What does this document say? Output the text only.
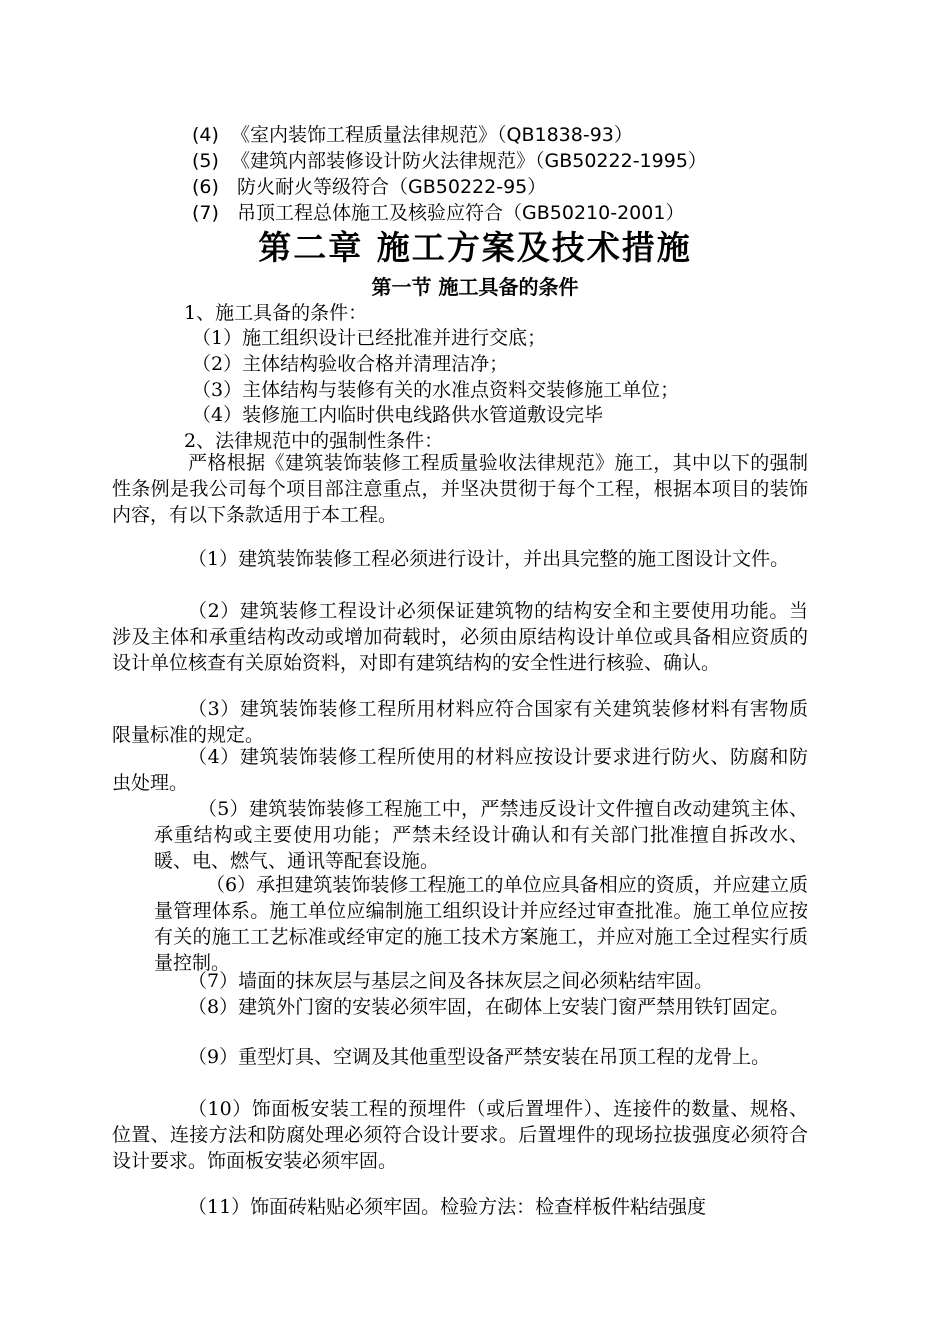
(4)  《室内装饰工程质量法律规范》（QB1838-93）
(5)  《建筑内部装修设计防火法律规范》（GB50222-1995）
(6)   防火耐火等级符合（GB50222-95）
(7)   吊顶工程总体施工及核验应符合（GB50210-2001）
第二章 施工方案及技术措施
第一节 施工具备的条件
1、施工具备的条件：
（1）施工组织设计已经批准并进行交底；
（2）主体结构验收合格并清理洁净；
（3）主体结构与装修有关的水准点资料交装修施工单位；
（4）装修施工内临时供电线路供水管道敷设完毕
2、法律规范中的强制性条件：
严格根据《建筑装饰装修工程质量验收法律规范》施工，其中以下的强制性条例是我公司每个项目部注意重点，并坚决贯彻于每个工程，根据本项目的装饰内容，有以下条款适用于本工程。
（1）建筑装饰装修工程必须进行设计，并出具完整的施工图设计文件。
（2）建筑装修工程设计必须保证建筑物的结构安全和主要使用功能。当涉及主体和承重结构改动或增加荷载时，必须由原结构设计单位或具备相应资质的设计单位核查有关原始资料，对即有建筑结构的安全性进行核验、确认。
（3）建筑装饰装修工程所用材料应符合国家有关建筑装修材料有害物质限量标准的规定。
（4）建筑装饰装修工程所使用的材料应按设计要求进行防火、防腐和防虫处理。
（5）建筑装饰装修工程施工中，严禁违反设计文件擅自改动建筑主体、承重结构或主要使用功能；严禁未经设计确认和有关部门批准擅自拆改水、暖、电、燃气、通讯等配套设施。
（6）承担建筑装饰装修工程施工的单位应具备相应的资质，并应建立质量管理体系。施工单位应编制施工组织设计并应经过审查批准。施工单位应按有关的施工工艺标准或经审定的施工技术方案施工，并应对施工全过程实行质量控制。
（7）墙面的抹灰层与基层之间及各抹灰层之间必须粘结牢固。
（8）建筑外门窗的安装必须牢固，在砌体上安装门窗严禁用铁钉固定。
（9）重型灯具、空调及其他重型设备严禁安装在吊顶工程的龙骨上。
（10）饰面板安装工程的预埋件（或后置埋件）、连接件的数量、规格、位置、连接方法和防腐处理必须符合设计要求。后置埋件的现场拉拔强度必须符合设计要求。饰面板安装必须牢固。
（11）饰面砖粘贴必须牢固。检验方法：检查样板件粘结强度
